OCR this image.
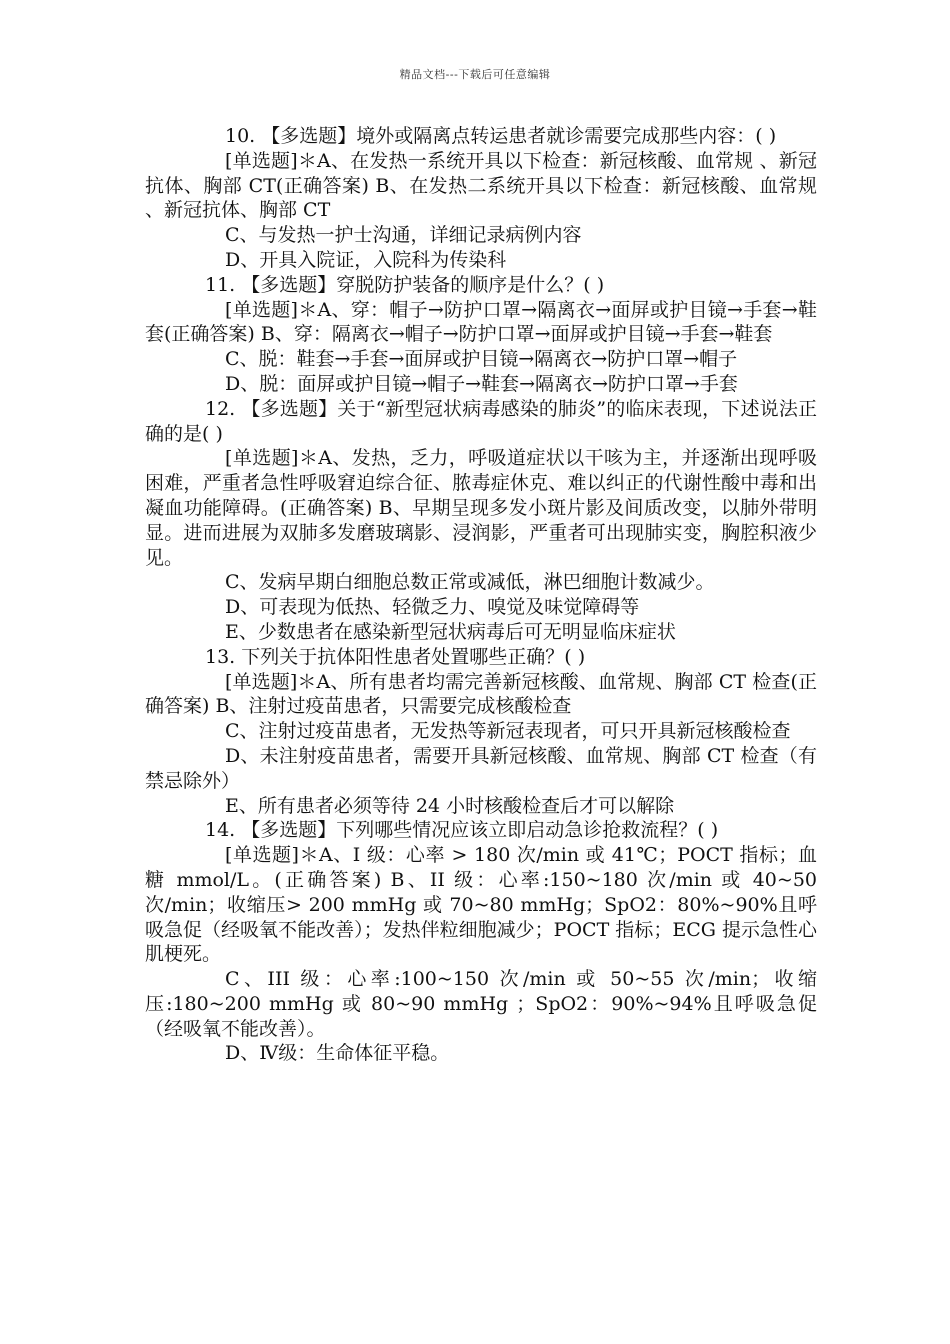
精品文档---下载后可任意编辑

10. 【多选题】境外或隔离点转运患者就诊需要完成那些内容：( )

[单选题]＊A、在发热一系统开具以下检查：新冠核酸、血常规 、新冠抗体、胸部 CT(正确答案) B、在发热二系统开具以下检查：新冠核酸、血常规 、新冠抗体、胸部 CT

C、与发热一护士沟通，详细记录病例内容

D、开具入院证，入院科为传染科

11. 【多选题】穿脱防护装备的顺序是什么？( )

[单选题]＊A、穿：帽子→防护口罩→隔离衣→面屏或护目镜→手套→鞋套(正确答案) B、穿：隔离衣→帽子→防护口罩→面屏或护目镜→手套→鞋套

C、脱：鞋套→手套→面屏或护目镜→隔离衣→防护口罩→帽子

D、脱：面屏或护目镜→帽子→鞋套→隔离衣→防护口罩→手套

12. 【多选题】关于“新型冠状病毒感染的肺炎”的临床表现，下述说法正确的是( )

[单选题]＊A、发热，乏力，呼吸道症状以干咳为主，并逐渐出现呼吸困难，严重者急性呼吸窘迫综合征、脓毒症休克、难以纠正的代谢性酸中毒和出凝血功能障碍。(正确答案) B、早期呈现多发小斑片影及间质改变，以肺外带明显。进而进展为双肺多发磨玻璃影、浸润影，严重者可出现肺实变，胸腔积液少见。

C、发病早期白细胞总数正常或减低，淋巴细胞计数减少。

D、可表现为低热、轻微乏力、嗅觉及味觉障碍等

E、少数患者在感染新型冠状病毒后可无明显临床症状

13. 下列关于抗体阳性患者处置哪些正确？( )

[单选题]＊A、所有患者均需完善新冠核酸、血常规、胸部 CT 检查(正确答案) B、注射过疫苗患者，只需要完成核酸检查

C、注射过疫苗患者，无发热等新冠表现者，可只开具新冠核酸检查

D、未注射疫苗患者，需要开具新冠核酸、血常规、胸部 CT 检查（有禁忌除外）

E、所有患者必须等待 24 小时核酸检查后才可以解除

14. 【多选题】下列哪些情况应该立即启动急诊抢救流程？( )

[单选题]＊A、I 级：心率 > 180 次/min 或 41℃；POCT 指标；血糖 mmol/L。(正确答案) B、II 级：心率:150~180 次/min 或 40~50 次/min；收缩压> 200 mmHg 或 70~80 mmHg；SpO2：80%~90%且呼吸急促（经吸氧不能改善）；发热伴粒细胞减少；POCT 指标；ECG 提示急性心肌梗死。

C、III 级：心率:100~150 次/min 或 50~55 次/min；收缩压:180~200 mmHg 或 80~90 mmHg ；SpO2：90%~94%且呼吸急促（经吸氧不能改善）。

D、Ⅳ级：生命体征平稳。
